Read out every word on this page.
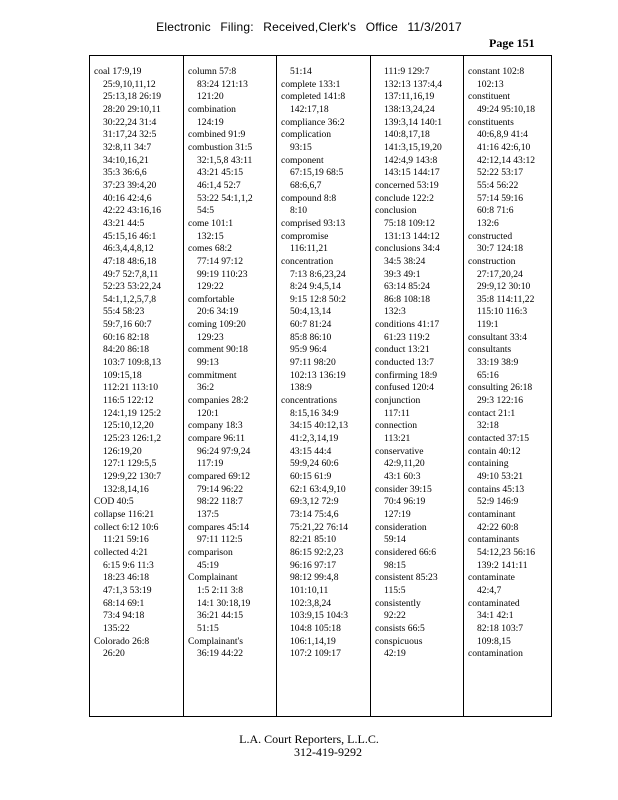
Electronic Filing: Received,Clerk's Office 11/3/2017
Page 151
coal 17:9,19
25:9,10,11,12
25:13,18 26:19
28:20 29:10,11
30:22,24 31:4
31:17,24 32:5
32:8,11 34:7
34:10,16,21
35:3 36:6,6
37:23 39:4,20
40:16 42:4,6
42:22 43:16,16
43:21 44:5
45:15,16 46:1
46:3,4,4,8,12
47:18 48:6,18
49:7 52:7,8,11
52:23 53:22,24
54:1,1,2,5,7,8
55:4 58:23
59:7,16 60:7
60:16 82:18
84:20 86:18
103:7 109:8,13
109:15,18
112:21 113:10
116:5 122:12
124:1,19 125:2
125:10,12,20
125:23 126:1,2
126:19,20
127:1 129:5,5
129:9,22 130:7
132:8,14,16
COD 40:5
collapse 116:21
collect 6:12 10:6
11:21 59:16
collected 4:21
6:15 9:6 11:3
18:23 46:18
47:1,3 53:19
68:14 69:1
73:4 94:18
135:22
Colorado 26:8
26:20
column 57:8
83:24 121:13
121:20
combination
124:19
combined 91:9
combustion 31:5
32:1,5,8 43:11
43:21 45:15
46:1,4 52:7
53:22 54:1,1,2
54:5
come 101:1
132:15
comes 68:2
77:14 97:12
99:19 110:23
129:22
comfortable
20:6 34:19
coming 109:20
129:23
comment 90:18
99:13
commitment
36:2
companies 28:2
120:1
company 18:3
compare 96:11
96:24 97:9,24
117:19
compared 69:12
79:14 96:22
98:22 118:7
137:5
compares 45:14
97:11 112:5
comparison
45:19
Complainant
1:5 2:11 3:8
14:1 30:18,19
36:21 44:15
51:15
Complainant's
36:19 44:22
51:14
complete 133:1
completed 141:8
142:17,18
compliance 36:2
complication
93:15
component
67:15,19 68:5
68:6,6,7
compound 8:8
8:10
comprised 93:13
compromise
116:11,21
concentration
7:13 8:6,23,24
8:24 9:4,5,14
9:15 12:8 50:2
50:4,13,14
60:7 81:24
85:8 86:10
95:9 96:4
97:11 98:20
102:13 136:19
138:9
concentrations
8:15,16 34:9
34:15 40:12,13
41:2,3,14,19
43:15 44:4
59:9,24 60:6
60:15 61:9
62:1 63:4,9,10
69:3,12 72:9
73:14 75:4,6
75:21,22 76:14
82:21 85:10
86:15 92:2,23
96:16 97:17
98:12 99:4,8
101:10,11
102:3,8,24
103:9,15 104:3
104:8 105:18
106:1,14,19
107:2 109:17
111:9 129:7
132:13 137:4,4
137:11,16,19
138:13,24,24
139:3,14 140:1
140:8,17,18
141:3,15,19,20
142:4,9 143:8
143:15 144:17
concerned 53:19
conclude 122:2
conclusion
75:18 109:12
131:13 144:12
conclusions 34:4
34:5 38:24
39:3 49:1
63:14 85:24
86:8 108:18
132:3
conditions 41:17
61:23 119:2
conduct 13:21
conducted 13:7
confirming 18:9
confused 120:4
conjunction
117:11
connection
113:21
conservative
42:9,11,20
43:1 60:3
consider 39:15
70:4 96:19
127:19
consideration
59:14
considered 66:6
98:15
consistent 85:23
115:5
consistently
92:22
consists 66:5
conspicuous
42:19
constant 102:8
102:13
constituent
49:24 95:10,18
constituents
40:6,8,9 41:4
41:16 42:6,10
42:12,14 43:12
52:22 53:17
55:4 56:22
57:14 59:16
60:8 71:6
132:6
constructed
30:7 124:18
construction
27:17,20,24
29:9,12 30:10
35:8 114:11,22
115:10 116:3
119:1
consultant 33:4
consultants
33:19 38:9
65:16
consulting 26:18
29:3 122:16
contact 21:1
32:18
contacted 37:15
contain 40:12
containing
49:10 53:21
contains 45:13
52:9 146:9
contaminant
42:22 60:8
contaminants
54:12,23 56:16
139:2 141:11
contaminate
42:4,7
contaminated
34:1 42:1
82:18 103:7
109:8,15
contamination
L.A. Court Reporters, L.L.C.
312-419-9292
